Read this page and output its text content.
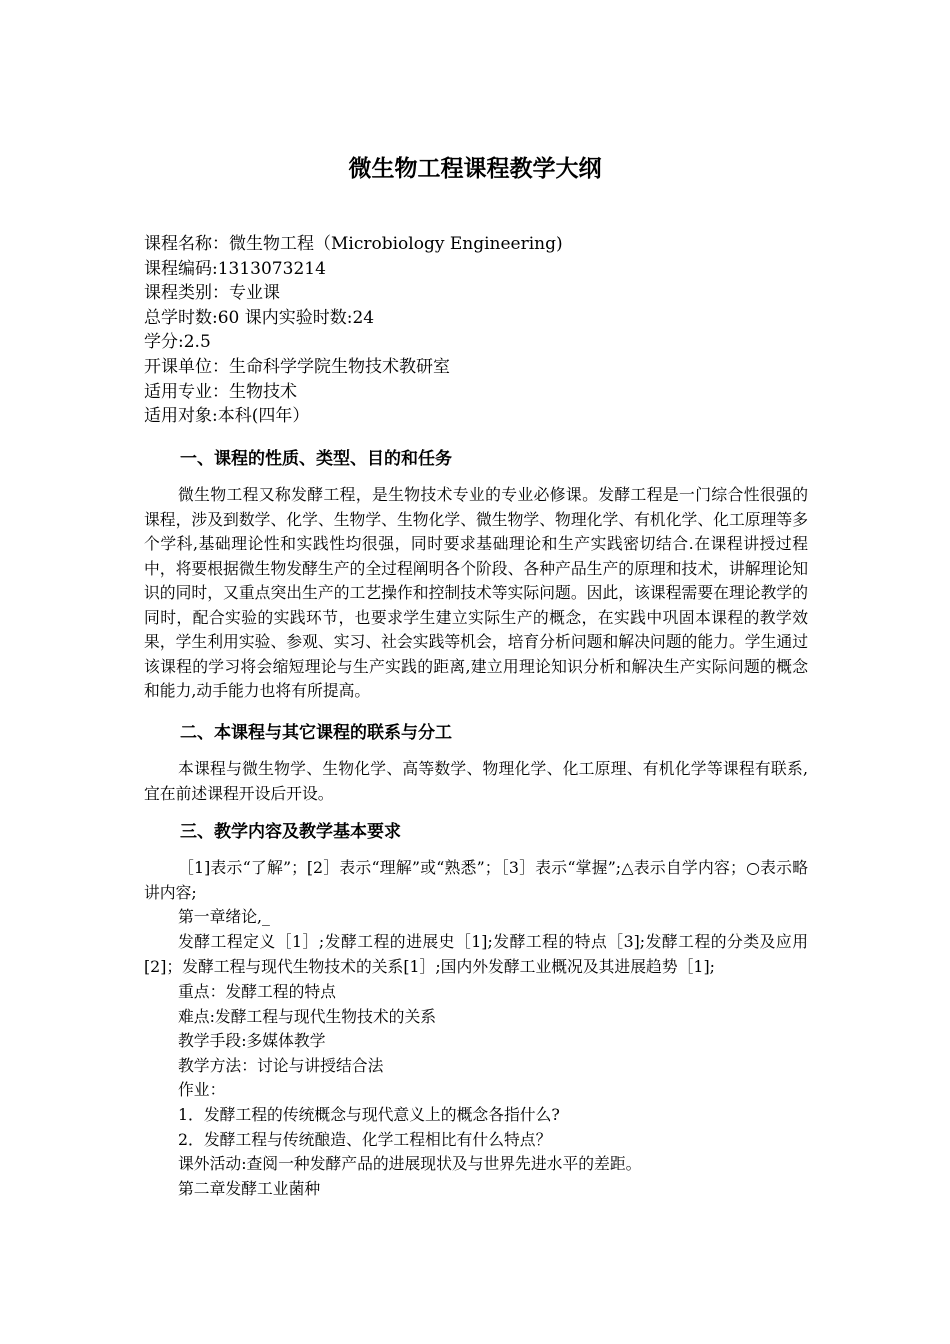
微生物工程课程教学大纲
课程名称：微生物工程（Microbiology Engineering)
课程编码:1313073214
课程类别：专业课
总学时数:60 课内实验时数:24
学分:2.5
开课单位：生命科学学院生物技术教研室
适用专业：生物技术
适用对象:本科(四年）
一、课程的性质、类型、目的和任务
微生物工程又称发酵工程，是生物技术专业的专业必修课。发酵工程是一门综合性很强的课程，涉及到数学、化学、生物学、生物化学、微生物学、物理化学、有机化学、化工原理等多个学科,基础理论性和实践性均很强，同时要求基础理论和生产实践密切结合.在课程讲授过程中，将要根据微生物发酵生产的全过程阐明各个阶段、各种产品生产的原理和技术，讲解理论知识的同时，又重点突出生产的工艺操作和控制技术等实际问题。因此，该课程需要在理论教学的同时，配合实验的实践环节，也要求学生建立实际生产的概念，在实践中巩固本课程的教学效果，学生利用实验、参观、实习、社会实践等机会，培育分析问题和解决问题的能力。学生通过该课程的学习将会缩短理论与生产实践的距离,建立用理论知识分析和解决生产实际问题的概念和能力,动手能力也将有所提高。
二、本课程与其它课程的联系与分工
本课程与微生物学、生物化学、高等数学、物理化学、化工原理、有机化学等课程有联系,宜在前述课程开设后开设。
三、教学内容及教学基本要求
［1]表示“了解”；[2］表示“理解”或“熟悉”；［3］表示“掌握”;△表示自学内容；○表示略讲内容;
第一章绪论,_
发酵工程定义［1］;发酵工程的进展史［1];发酵工程的特点［3];发酵工程的分类及应用[2]；发酵工程与现代生物技术的关系[1］;国内外发酵工业概况及其进展趋势［1];
重点：发酵工程的特点
难点:发酵工程与现代生物技术的关系
教学手段:多媒体教学
教学方法：讨论与讲授结合法
作业：
1．发酵工程的传统概念与现代意义上的概念各指什么?
2．发酵工程与传统酿造、化学工程相比有什么特点？
课外活动:查阅一种发酵产品的进展现状及与世界先进水平的差距。
第二章发酵工业菌种
